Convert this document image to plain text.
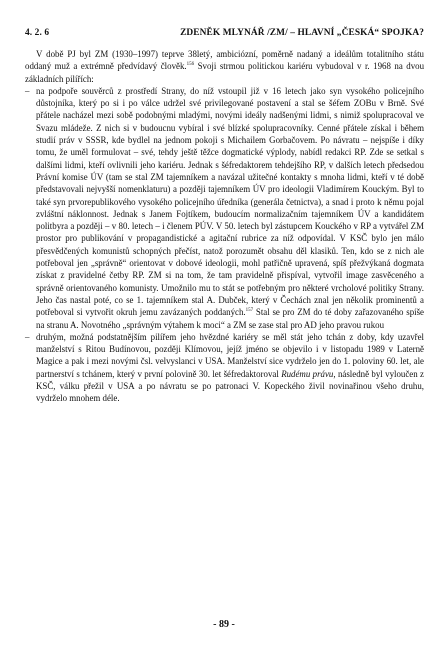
4. 2. 6	ZDENĚK MLYNÁŘ /ZM/ – HLAVNÍ „ČESKÁ“ SPOJKA?

V době PJ byl ZM (1930–1997) teprve 38letý, ambiciózní, poměrně nadaný a ideálům totalitního státu oddaný muž a extrémně předvídavý člověk.$^{156}$ Svoji strmou politickou kariéru vybudoval v r. 1968 na dvou základních pilířích:

– na podpoře souvěrců z prostředí Strany, do níž vstoupil již v 16 letech jako syn vysokého policejního důstojníka, který po si i po válce udržel své privilegované postavení a stal se šéfem ZOBu v Brně. Své přátele nacházel mezi sobě podobnými mladými, novými ideály nadšenými lidmi, s nimiž spolupracoval ve Svazu mládeže. Z nich si v budoucnu vybíral i své blízké spolupracovníky. Cenné přátele získal i během studií práv v SSSR, kde bydlel na jednom pokoji s Michailem Gorbačovem. Po návratu – nejspíše i díky tomu, že uměl formulovat – své, tehdy ještě těžce dogmatické výplody, nabídl redakci RP. Zde se setkal s dalšími lidmi, kteří ovlivnili jeho kariéru. Jednak s šéfredaktorem tehdejšího RP, v dalších letech předsedou Právní komise ÚV (tam se stal ZM tajemníkem a navázal užitečné kontakty s mnoha lidmi, kteří v té době představovali nejvyšší nomenklaturu) a později tajemníkem ÚV pro ideologii Vladimírem Kouckým. Byl to také syn prvorepublikového vysokého policejního úředníka (generála četnictva), a snad i proto k němu pojal zvláštní náklonnost. Jednak s Janem Fojtíkem, budoucím normalizačním tajemníkem ÚV a kandidátem politbyra a později – v 80. letech – i členem PÚV. V 50. letech byl zástupcem Kouckého v RP a vytvářel ZM prostor pro publikování v propagandistické a agitační rubrice za níž odpovídal. V KSČ bylo jen málo přesvědčených komunistů schopných přečíst, natož porozumět obsahu děl klasiků. Ten, kdo se z nich ale potřeboval jen „správně“ orientovat v dobové ideologii, mohl patřičně upravená, spíš přežvýkaná dogmata získat z pravidelné četby RP. ZM si na tom, že tam pravidelně přispíval, vytvořil image zasvěceného a správně orientovaného komunisty. Umožnilo mu to stát se potřebným pro některé vrcholové politiky Strany. Jeho čas nastal poté, co se 1. tajemníkem stal A. Dubček, který v Čechách znal jen několik prominentů a potřeboval si vytvořit okruh jemu zavázaných poddaných.$^{157}$ Stal se pro ZM do té doby zařazovaného spíše na stranu A. Novotného „správným výtahem k moci“ a ZM se zase stal pro AD jeho pravou rukou
– druhým, možná podstatnějším pilířem jeho hvězdné kariéry se měl stát jeho tchán z doby, kdy uzavřel manželství s Ritou Budínovou, později Klímovou, jejíž jméno se objevilo i v listopadu 1989 v Laterně Magice a pak i mezi novými čsl. velvyslanci v USA. Manželství sice vydrželo jen do 1. poloviny 60. let, ale partnerství s tchánem, který v první polovině 30. let šéfredaktoroval Rudému právu, následně byl vyloučen z KSČ, válku přežil v USA a po návratu se po patronaci V. Kopeckého živil novinařinou všeho druhu, vydrželo mnohem déle.
- 89 -
